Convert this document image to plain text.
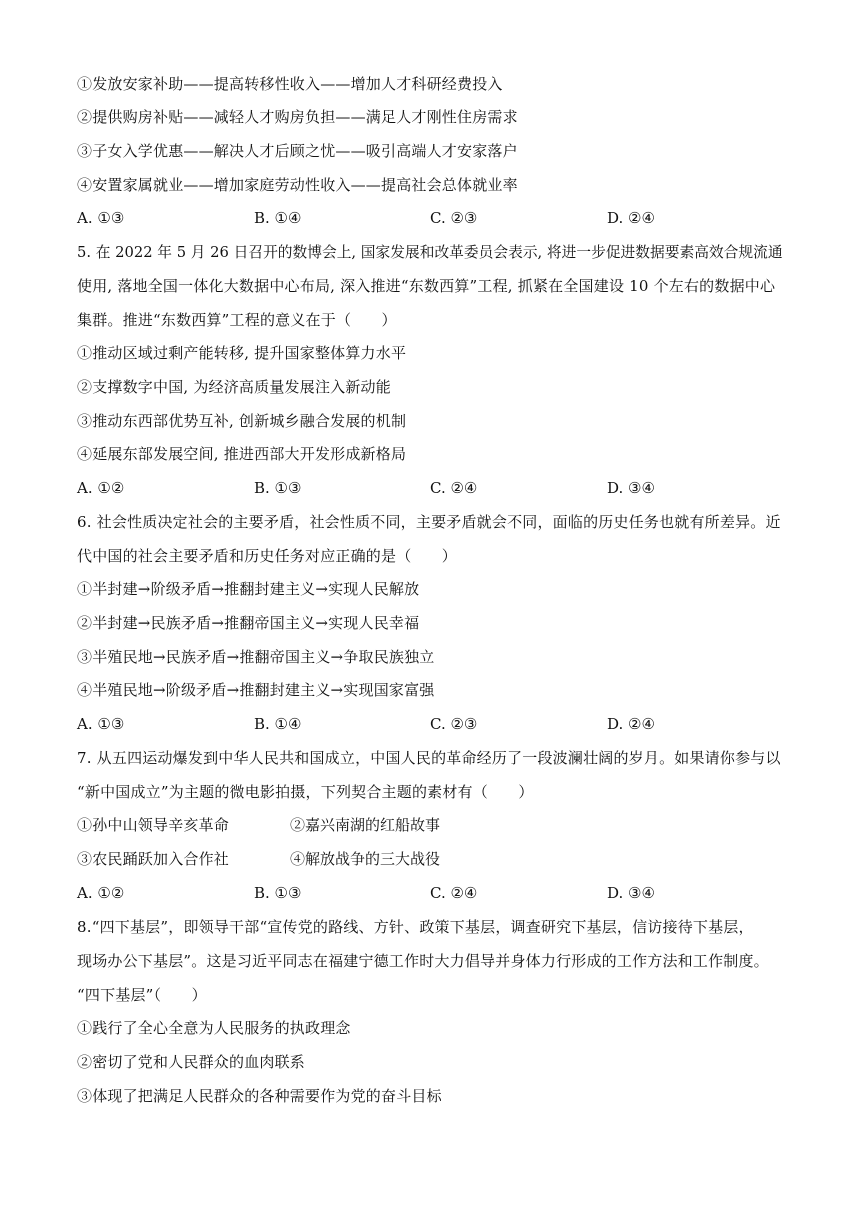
①发放安家补助——提高转移性收入——增加人才科研经费投入
②提供购房补贴——减轻人才购房负担——满足人才刚性住房需求
③子女入学优惠——解决人才后顾之忧——吸引高端人才安家落户
④安置家属就业——增加家庭劳动性收入——提高社会总体就业率
A. ①③	B. ①④	C. ②③	D. ②④
5. 在 2022 年 5 月 26 日召开的数博会上, 国家发展和改革委员会表示, 将进一步促进数据要素高效合规流通
使用, 落地全国一体化大数据中心布局, 深入推进“东数西算”工程, 抓紧在全国建设 10 个左右的数据中心
集群。推进“东数西算”工程的意义在于（　　）
①推动区域过剩产能转移, 提升国家整体算力水平
②支撑数字中国, 为经济高质量发展注入新动能
③推动东西部优势互补, 创新城乡融合发展的机制
④延展东部发展空间, 推进西部大开发形成新格局
A. ①②	B. ①③	C. ②④	D. ③④
6. 社会性质决定社会的主要矛盾，社会性质不同，主要矛盾就会不同，面临的历史任务也就有所差异。近
代中国的社会主要矛盾和历史任务对应正确的是（　　）
①半封建→阶级矛盾→推翻封建主义→实现人民解放
②半封建→民族矛盾→推翻帝国主义→实现人民幸福
③半殖民地→民族矛盾→推翻帝国主义→争取民族独立
④半殖民地→阶级矛盾→推翻封建主义→实现国家富强
A. ①③	B. ①④	C. ②③	D. ②④
7. 从五四运动爆发到中华人民共和国成立，中国人民的革命经历了一段波澜壮阔的岁月。如果请你参与以
“新中国成立”为主题的微电影拍摄，下列契合主题的素材有（　　）
①孙中山领导辛亥革命	②嘉兴南湖的红船故事
③农民踊跃加入合作社	④解放战争的三大战役
A. ①②	B. ①③	C. ②④	D. ③④
8.“四下基层”，即领导干部“宣传党的路线、方针、政策下基层，调查研究下基层，信访接待下基层，
现场办公下基层”。这是习近平同志在福建宁德工作时大力倡导并身体力行形成的工作方法和工作制度。
“四下基层”（　　）
①践行了全心全意为人民服务的执政理念
②密切了党和人民群众的血肉联系
③体现了把满足人民群众的各种需要作为党的奋斗目标
